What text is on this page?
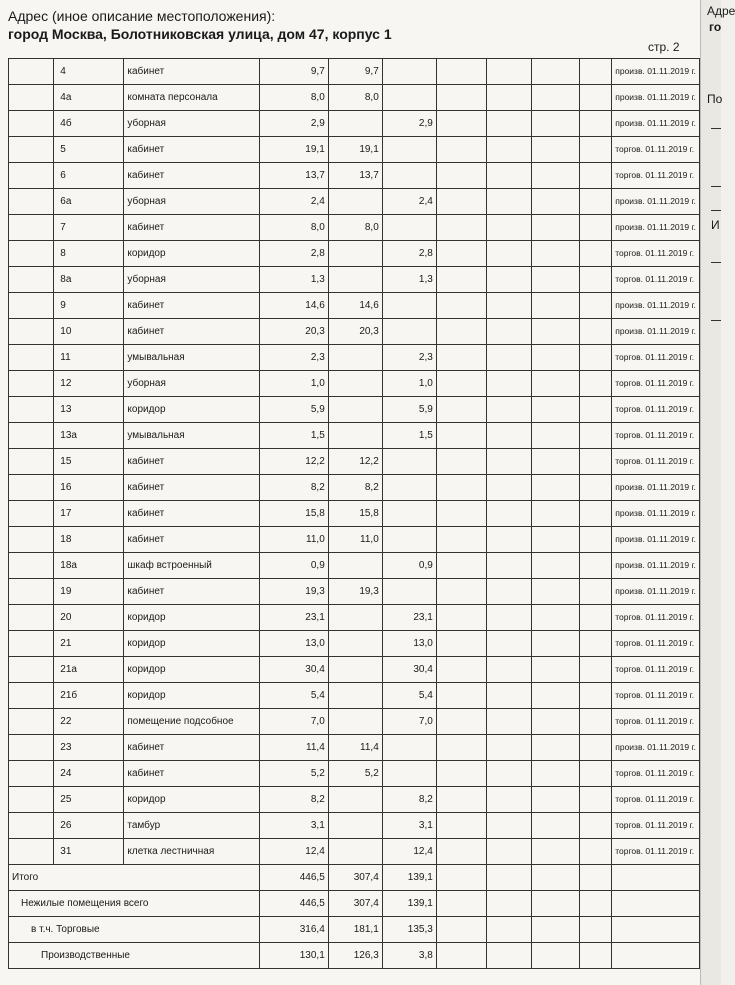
Адрес (иное описание местоположения):
город Москва, Болотниковская улица, дом 47, корпус 1
стр. 2
	4	кабинет	9,7	9,7						произв. 01.11.2019 г.
	4а	комната персонала	8,0	8,0						произв. 01.11.2019 г.
	4б	уборная	2,9		2,9					произв. 01.11.2019 г.
	5	кабинет	19,1	19,1						торгов. 01.11.2019 г.
	6	кабинет	13,7	13,7						торгов. 01.11.2019 г.
	6а	уборная	2,4		2,4					произв. 01.11.2019 г.
	7	кабинет	8,0	8,0						произв. 01.11.2019 г.
	8	коридор	2,8		2,8					торгов. 01.11.2019 г.
	8а	уборная	1,3		1,3					торгов. 01.11.2019 г.
	9	кабинет	14,6	14,6						произв. 01.11.2019 г.
	10	кабинет	20,3	20,3						произв. 01.11.2019 г.
	11	умывальная	2,3		2,3					торгов. 01.11.2019 г.
	12	уборная	1,0		1,0					торгов. 01.11.2019 г.
	13	коридор	5,9		5,9					торгов. 01.11.2019 г.
	13а	умывальная	1,5		1,5					торгов. 01.11.2019 г.
	15	кабинет	12,2	12,2						торгов. 01.11.2019 г.
	16	кабинет	8,2	8,2						произв. 01.11.2019 г.
	17	кабинет	15,8	15,8						произв. 01.11.2019 г.
	18	кабинет	11,0	11,0						произв. 01.11.2019 г.
	18а	шкаф встроенный	0,9		0,9					произв. 01.11.2019 г.
	19	кабинет	19,3	19,3						произв. 01.11.2019 г.
	20	коридор	23,1		23,1					торгов. 01.11.2019 г.
	21	коридор	13,0		13,0					торгов. 01.11.2019 г.
	21а	коридор	30,4		30,4					торгов. 01.11.2019 г.
	21б	коридор	5,4		5,4					торгов. 01.11.2019 г.
	22	помещение подсобное	7,0		7,0					торгов. 01.11.2019 г.
	23	кабинет	11,4	11,4						произв. 01.11.2019 г.
	24	кабинет	5,2	5,2						торгов. 01.11.2019 г.
	25	коридор	8,2		8,2					торгов. 01.11.2019 г.
	26	тамбур	3,1		3,1					торгов. 01.11.2019 г.
	31	клетка лестничная	12,4		12,4					торгов. 01.11.2019 г.
Итого			446,5	307,4	139,1					
Нежилые помещения всего			446,5	307,4	139,1					
в т.ч. Торговые			316,4	181,1	135,3					
Производственные			130,1	126,3	3,8					
Адре
го
По
И
